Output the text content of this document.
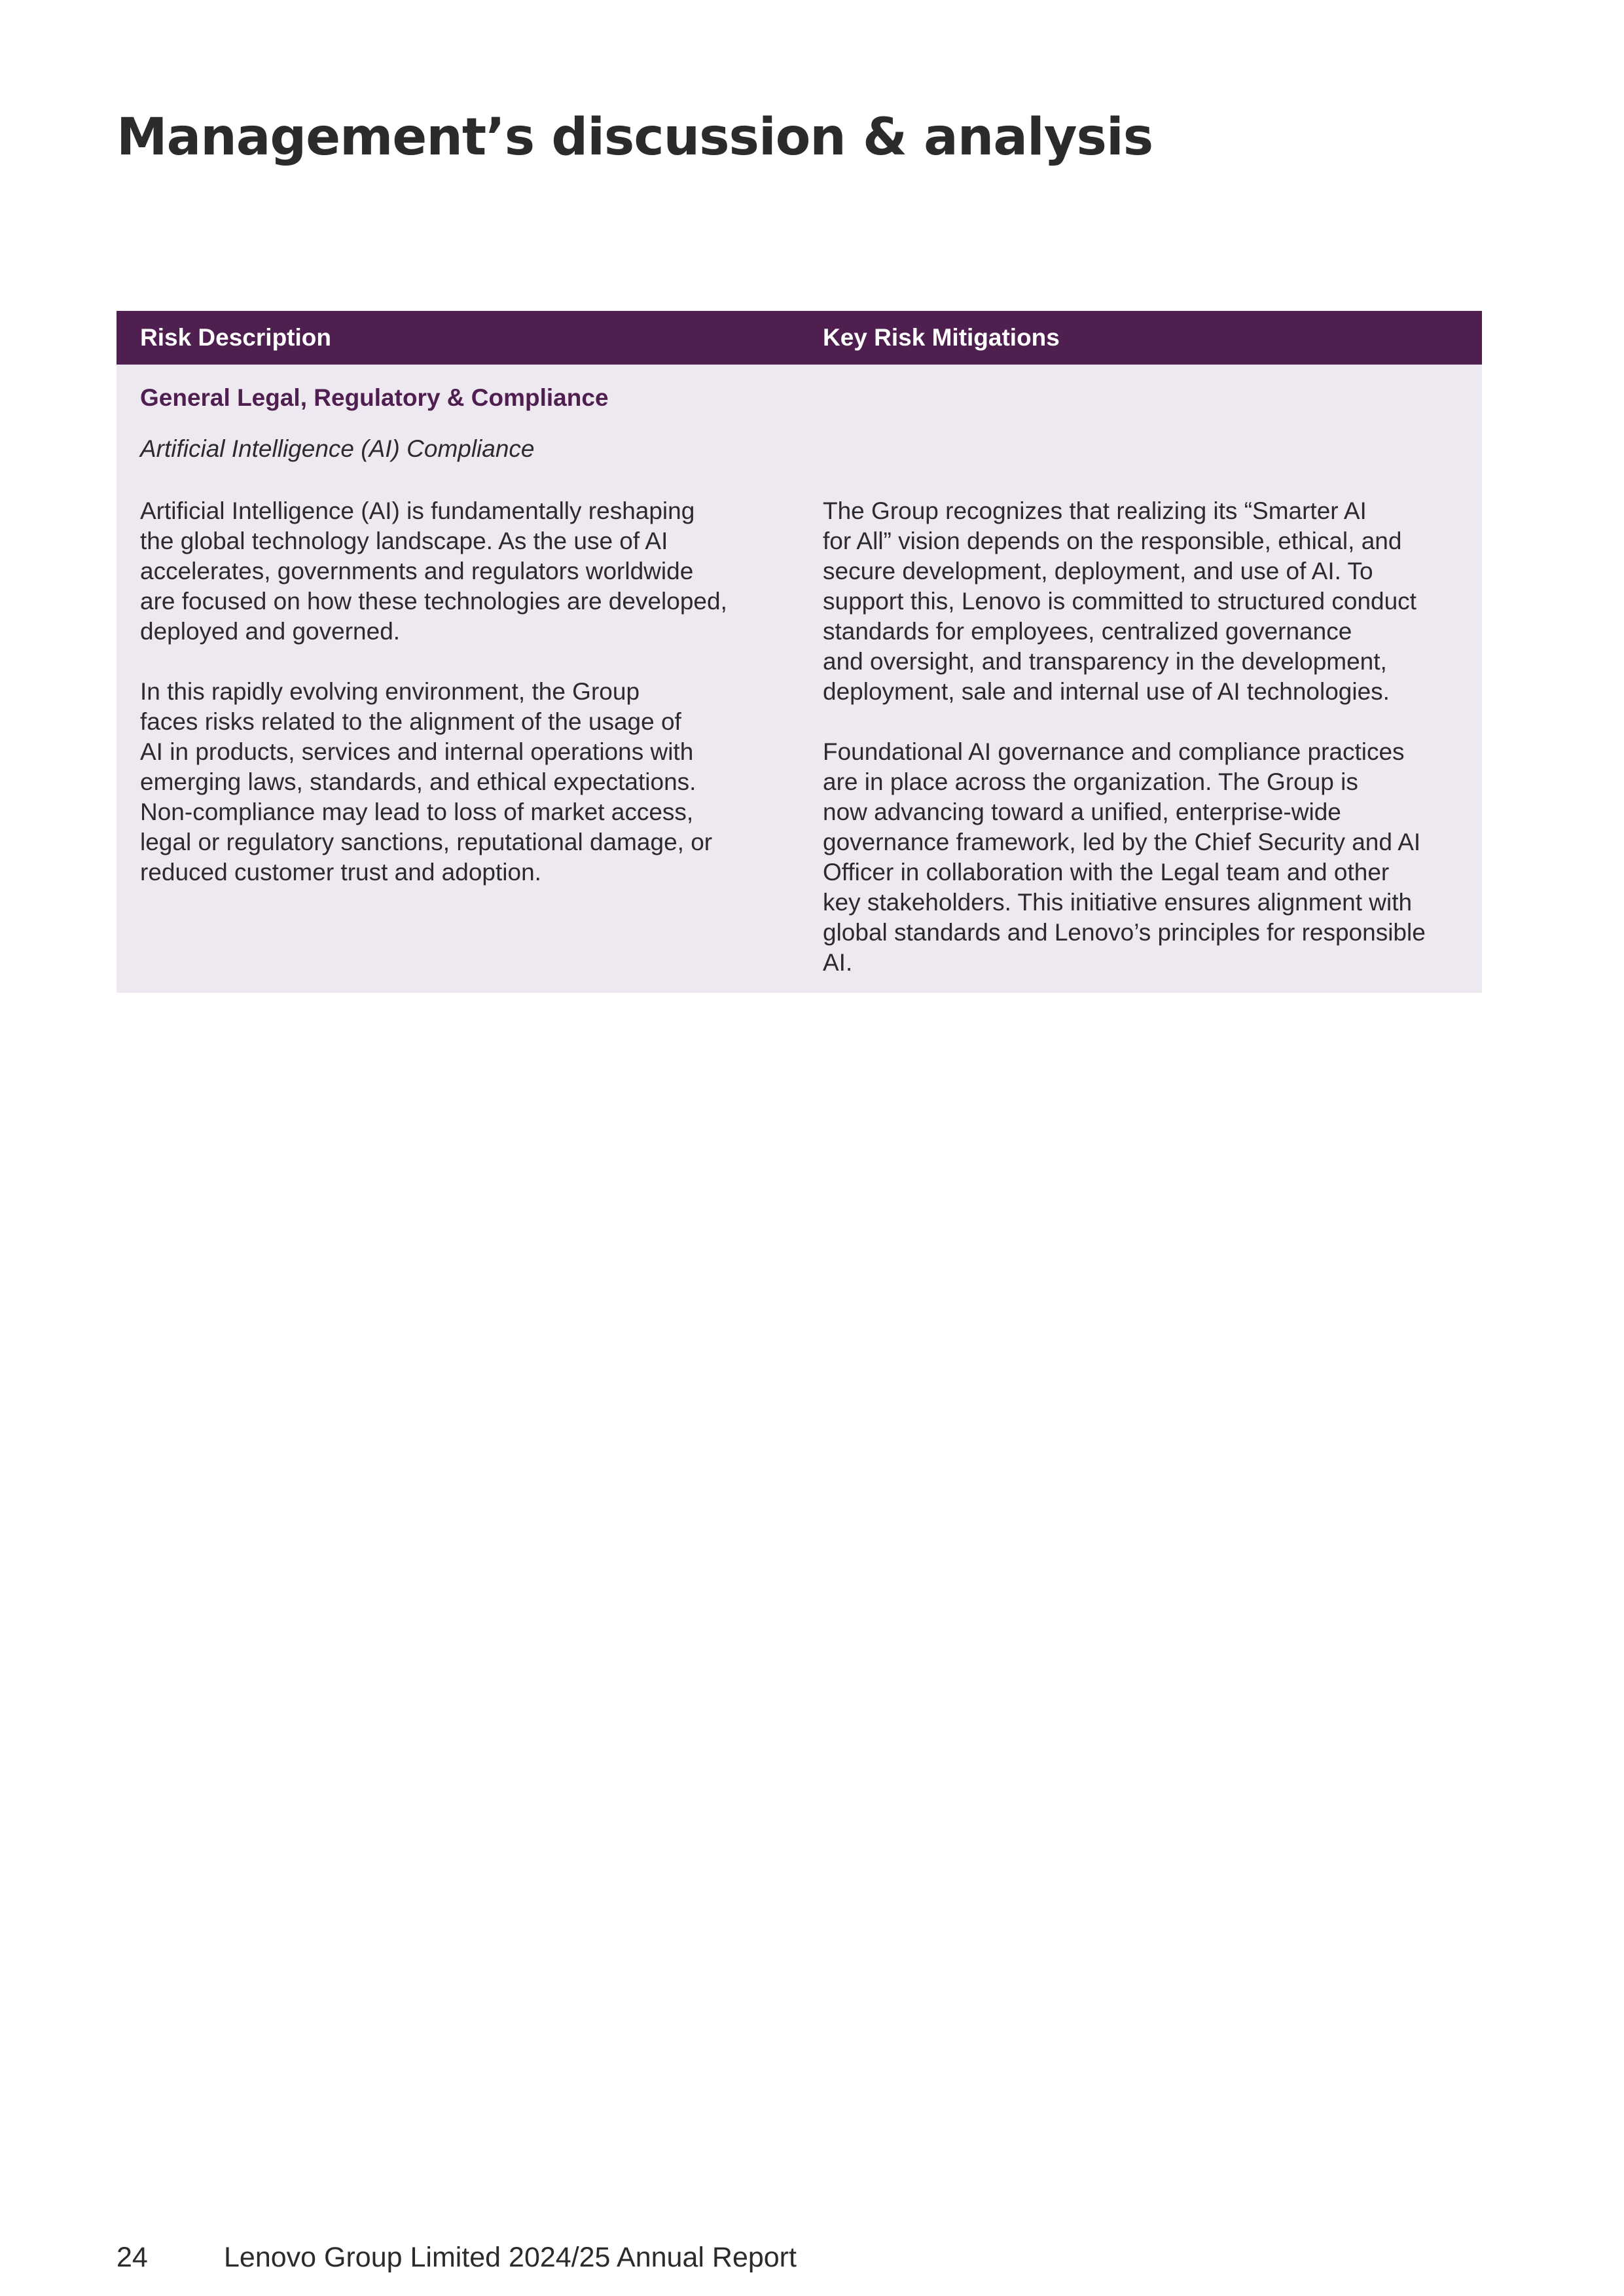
Management’s discussion & analysis
Risk Description	Key Risk Mitigations
General Legal, Regulatory & Compliance
Artificial Intelligence (AI) Compliance

Artificial Intelligence (AI) is fundamentally reshaping
the global technology landscape. As the use of AI
accelerates, governments and regulators worldwide
are focused on how these technologies are developed,
deployed and governed.

In this rapidly evolving environment, the Group
faces risks related to the alignment of the usage of
AI in products, services and internal operations with
emerging laws, standards, and ethical expectations.
Non-compliance may lead to loss of market access,
legal or regulatory sanctions, reputational damage, or
reduced customer trust and adoption.

The Group recognizes that realizing its “Smarter AI
for All” vision depends on the responsible, ethical, and
secure development, deployment, and use of AI. To
support this, Lenovo is committed to structured conduct
standards for employees, centralized governance
and oversight, and transparency in the development,
deployment, sale and internal use of AI technologies.

Foundational AI governance and compliance practices
are in place across the organization. The Group is
now advancing toward a unified, enterprise-wide
governance framework, led by the Chief Security and AI
Officer in collaboration with the Legal team and other
key stakeholders. This initiative ensures alignment with
global standards and Lenovo’s principles for responsible
AI.

24	Lenovo Group Limited 2024/25 Annual Report
